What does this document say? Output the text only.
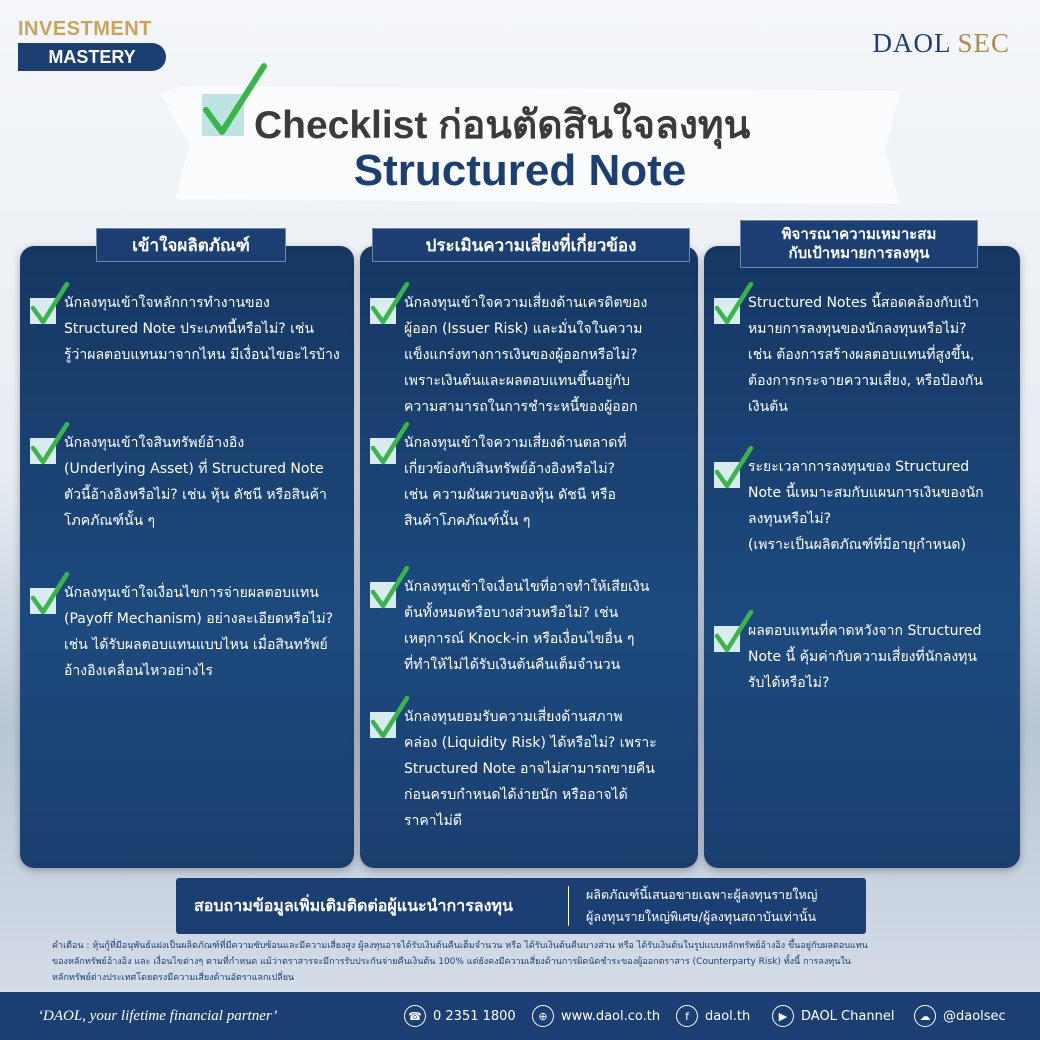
INVESTMENT
MASTERY	DAOL SEC
Checklist ก่อนตัดสินใจลงทุน
Structured Note
เข้าใจผลิตภัณฑ์	ประเมินความเสี่ยงที่เกี่ยวข้อง
พิจารณาความเหมาะสม
กับเป้าหมายการลงทุน
นักลงทุนเข้าใจหลักการทำงานของ
Structured Note ประเภทนี้หรือไม่? เช่น
รู้ว่าผลตอบแทนมาจากไหน มีเงื่อนไขอะไรบ้าง
นักลงทุนเข้าใจสินทรัพย์อ้างอิง
(Underlying Asset) ที่ Structured Note
ตัวนี้อ้างอิงหรือไม่? เช่น หุ้น ดัชนี หรือสินค้า
โภคภัณฑ์นั้น ๆ
นักลงทุนเข้าใจเงื่อนไขการจ่ายผลตอบแทน
(Payoff Mechanism) อย่างละเอียดหรือไม่?
เช่น ได้รับผลตอบแทนแบบไหน เมื่อสินทรัพย์
อ้างอิงเคลื่อนไหวอย่างไร
นักลงทุนเข้าใจความเสี่ยงด้านเครดิตของ
ผู้ออก (Issuer Risk) และมั่นใจในความ
แข็งแกร่งทางการเงินของผู้ออกหรือไม่?
เพราะเงินต้นและผลตอบแทนขึ้นอยู่กับ
ความสามารถในการชำระหนี้ของผู้ออก
นักลงทุนเข้าใจความเสี่ยงด้านตลาดที่
เกี่ยวข้องกับสินทรัพย์อ้างอิงหรือไม่?
เช่น ความผันผวนของหุ้น ดัชนี หรือ
สินค้าโภคภัณฑ์นั้น ๆ
นักลงทุนเข้าใจเงื่อนไขที่อาจทำให้เสียเงิน
ต้นทั้งหมดหรือบางส่วนหรือไม่? เช่น
เหตุการณ์ Knock-in หรือเงื่อนไขอื่น ๆ
ที่ทำให้ไม่ได้รับเงินต้นคืนเต็มจำนวน
นักลงทุนยอมรับความเสี่ยงด้านสภาพ
คล่อง (Liquidity Risk) ได้หรือไม่? เพราะ
Structured Note อาจไม่สามารถขายคืน
ก่อนครบกำหนดได้ง่ายนัก หรืออาจได้
ราคาไม่ดี
Structured Notes นี้สอดคล้องกับเป้า
หมายการลงทุนของนักลงทุนหรือไม่?
เช่น ต้องการสร้างผลตอบแทนที่สูงขึ้น,
ต้องการกระจายความเสี่ยง, หรือป้องกัน
เงินต้น
ระยะเวลาการลงทุนของ Structured
Note นี้เหมาะสมกับแผนการเงินของนัก
ลงทุนหรือไม่?
(เพราะเป็นผลิตภัณฑ์ที่มีอายุกำหนด)
ผลตอบแทนที่คาดหวังจาก Structured
Note นี้ คุ้มค่ากับความเสี่ยงที่นักลงทุน
รับได้หรือไม่?
สอบถามข้อมูลเพิ่มเติมติดต่อผู้แนะนำการลงทุน
ผลิตภัณฑ์นี้เสนอขายเฉพาะผู้ลงทุนรายใหญ่
ผู้ลงทุนรายใหญ่พิเศษ/ผู้ลงทุนสถาบันเท่านั้น
คำเตือน : หุ้นกู้ที่มีอนุพันธ์แฝงเป็นผลิตภัณฑ์ที่มีความซับซ้อนและมีความเสี่ยงสูง ผู้ลงทุนอาจได้รับเงินต้นคืนเต็มจำนวน หรือ ได้รับเงินต้นคืนบางส่วน หรือ ได้รับเงินต้นในรูปแบบหลักทรัพย์อ้างอิง ขึ้นอยู่กับผลตอบแทน
ของหลักทรัพย์อ้างอิง และ เงื่อนไขต่างๆ ตามที่กำหนด แม้ว่าตราสารจะมีการรับประกันจ่ายคืนเงินต้น 100% แต่ยังคงมีความเสี่ยงด้านการผิดนัดชำระของผู้ออกตราสาร (Counterparty Risk) ทั้งนี้ การลงทุนใน
หลักทรัพย์ต่างประเทศโดยตรงมีความเสี่ยงด้านอัตราแลกเปลี่ยน
‘DAOL, your lifetime financial partner’	☎ 0 2351 1800	⊕	www.daol.co.th	f	daol.th	▶	DAOL Channel	☁ @daolsec
